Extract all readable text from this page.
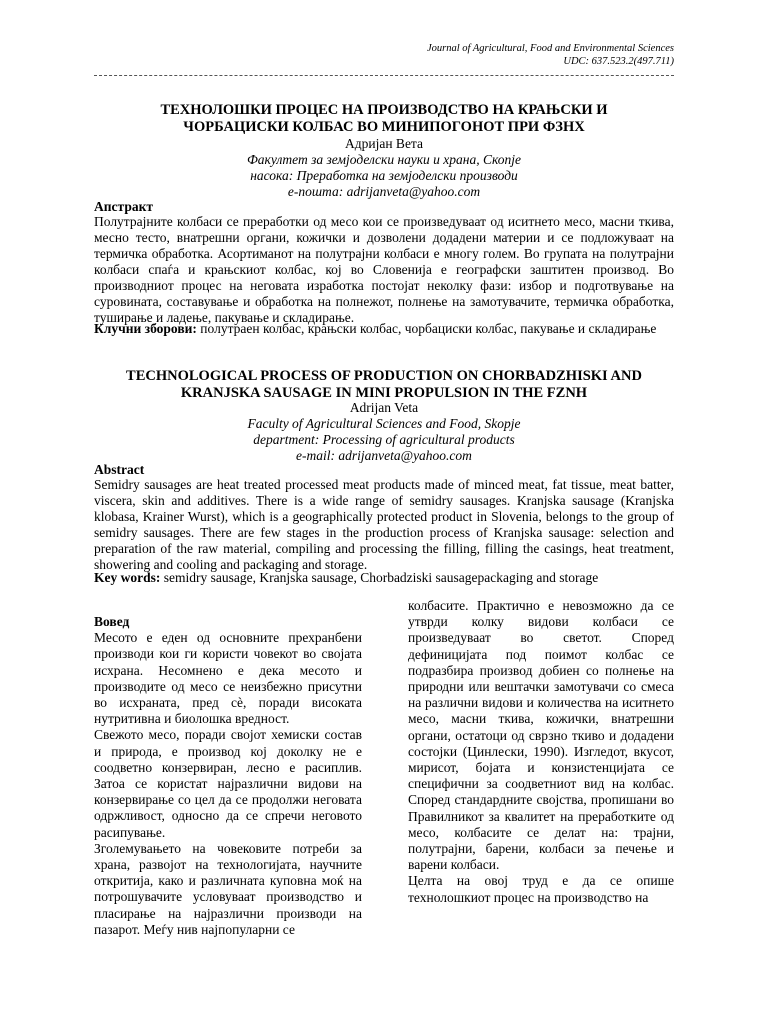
Journal of Agricultural, Food and Environmental Sciences
UDC: 637.523.2(497.711)
ТЕХНОЛОШКИ ПРОЦЕС НА ПРОИЗВОДСТВО НА КРАЊСКИ И
ЧОРБАЦИСКИ КОЛБАС ВО МИНИПОГОНОТ ПРИ ФЗНХ
Адријан Вета
Факултет за земјоделски науки и храна, Скопје
насока: Преработка на земјоделски производи
е-пошта: adrijanveta@yahoo.com
Апстракт
Полутрајните колбаси се преработки од месо кои се произведуваат од иситнето месо, масни ткива, месно тесто, внатрешни органи, кожички и дозволени додадени материи и се подложуваат на термичка обработка. Асортиманот на полутрајни колбаси е многу голем. Во групата на полутрајни колбаси спаѓа и крањскиот колбас, кој во Словенија е географски заштитен производ. Во производниот процес на неговата изработка постојат неколку фази: избор и подготвување на суровината, составување и обработка на полнежот, полнење на замотувачите, термичка обработка, туширање и ладење, пакување и складирање.
Клучни зборови: полутраен колбас, крањски колбас, чорбациски колбас, пакување и складирање
TECHNOLOGICAL PROCESS OF PRODUCTION ON CHORBADZHISKI AND
KRANJSKA SAUSAGE IN MINI PROPULSION IN THE FZNH
Adrijan Veta
Faculty of Agricultural Sciences and Food, Skopje
department: Processing of agricultural products
e-mail: adrijanveta@yahoo.com
Abstract
Semidry sausages are heat treated processed meat products made of minced meat, fat tissue, meat batter, viscera, skin and additives. There is a wide range of semidry sausages. Kranjska sausage (Kranjska klobasa, Krainer Wurst), which is a geographically protected product in Slovenia, belongs to the group of semidry sausages. There are few stages in the production process of Kranjska sausage: selection and preparation of the raw material, compiling and processing the filling, filling the casings, heat treatment, showering and cooling and packaging and storage.
Key words: semidry sausage, Kranjska sausage, Chorbadziski sausagepackaging and storage

Вовед

Месото е еден од основните прехранбени производи кои ги користи човекот во својата исхрана. Несомнено е дека месото и производите од месо се неизбежно присутни во исхраната, пред сè, поради високата нутритивна и биолошка вредност.

Свежото месо, поради својот хемиски состав и природа, е производ кој доколку не е соодветно конзервиран, лесно е расиплив. Затоа се користат најразлични видови на конзервирање со цел да се продолжи неговата одржливост, односно да се спречи неговото расипување.

Зголемувањето на човековите потреби за храна, развојот на технологијата, научните откритија, како и различната куповна моќ на потрошувачите условуваат производство и пласирање на најразлични производи на пазарот. Меѓу нив најпопуларни се

колбасите. Практично е невозможно да се утврди колку видови колбаси се произведуваат во светот. Според дефиницијата под поимот колбас се подразбира производ добиен со полнење на природни или вештачки замотувачи со смеса на различни видови и количества на иситнето месо, масни ткива, кожички, внатрешни органи, остатоци од сврзно ткиво и додадени состојки (Цинлески, 1990). Изгледот, вкусот, мирисот, бојата и конзистенцијата се специфични за соодветниот вид на колбас. Според стандардните својства, пропишани во Правилникот за квалитет на преработките од месо, колбасите се делат на: трајни, полутрајни, барени, колбаси за печење и варени колбаси.

Целта на овој труд е да се опише технолошкиот процес на производство на
